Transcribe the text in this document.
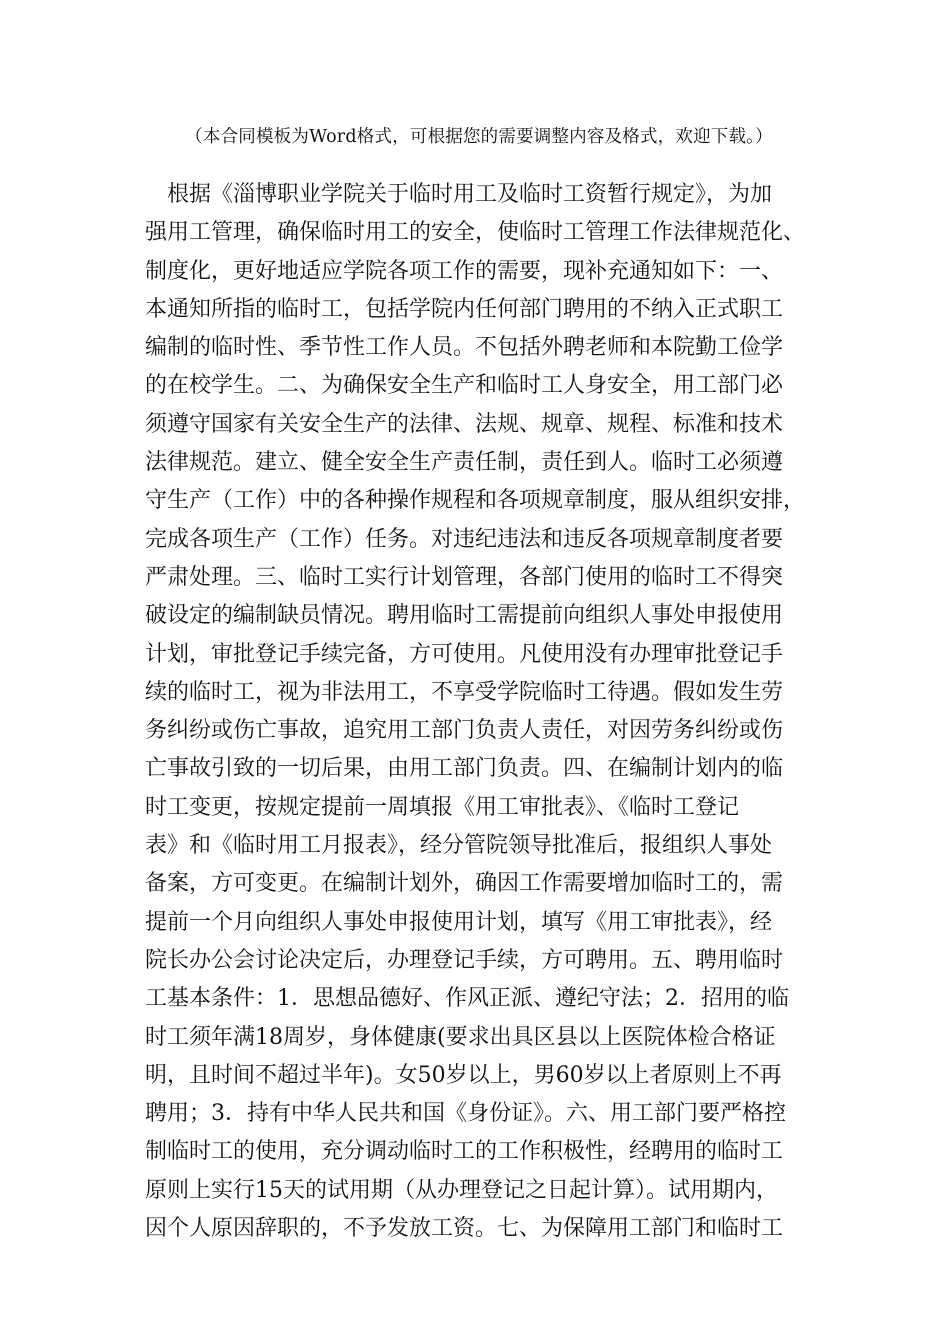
（本合同模板为Word格式，可根据您的需要调整内容及格式，欢迎下载。）
　根据《淄博职业学院关于临时用工及临时工资暂行规定》，为加
强用工管理，确保临时用工的安全，使临时工管理工作法律规范化、
制度化，更好地适应学院各项工作的需要，现补充通知如下：一、
本通知所指的临时工，包括学院内任何部门聘用的不纳入正式职工
编制的临时性、季节性工作人员。不包括外聘老师和本院勤工俭学
的在校学生。二、为确保安全生产和临时工人身安全，用工部门必
须遵守国家有关安全生产的法律、法规、规章、规程、标准和技术
法律规范。建立、健全安全生产责任制，责任到人。临时工必须遵
守生产（工作）中的各种操作规程和各项规章制度，服从组织安排，
完成各项生产（工作）任务。对违纪违法和违反各项规章制度者要
严肃处理。三、临时工实行计划管理，各部门使用的临时工不得突
破设定的编制缺员情况。聘用临时工需提前向组织人事处申报使用
计划，审批登记手续完备，方可使用。凡使用没有办理审批登记手
续的临时工，视为非法用工，不享受学院临时工待遇。假如发生劳
务纠纷或伤亡事故，追究用工部门负责人责任，对因劳务纠纷或伤
亡事故引致的一切后果，由用工部门负责。四、在编制计划内的临
时工变更，按规定提前一周填报《用工审批表》、《临时工登记
表》和《临时用工月报表》，经分管院领导批准后，报组织人事处
备案，方可变更。在编制计划外，确因工作需要增加临时工的，需
提前一个月向组织人事处申报使用计划，填写《用工审批表》，经
院长办公会讨论决定后，办理登记手续，方可聘用。五、聘用临时
工基本条件：1．思想品德好、作风正派、遵纪守法；2．招用的临
时工须年满18周岁，身体健康(要求出具区县以上医院体检合格证
明，且时间不超过半年)。女50岁以上，男60岁以上者原则上不再
聘用；3．持有中华人民共和国《身份证》。六、用工部门要严格控
制临时工的使用，充分调动临时工的工作积极性，经聘用的临时工
原则上实行15天的试用期（从办理登记之日起计算）。试用期内，
因个人原因辞职的，不予发放工资。七、为保障用工部门和临时工
